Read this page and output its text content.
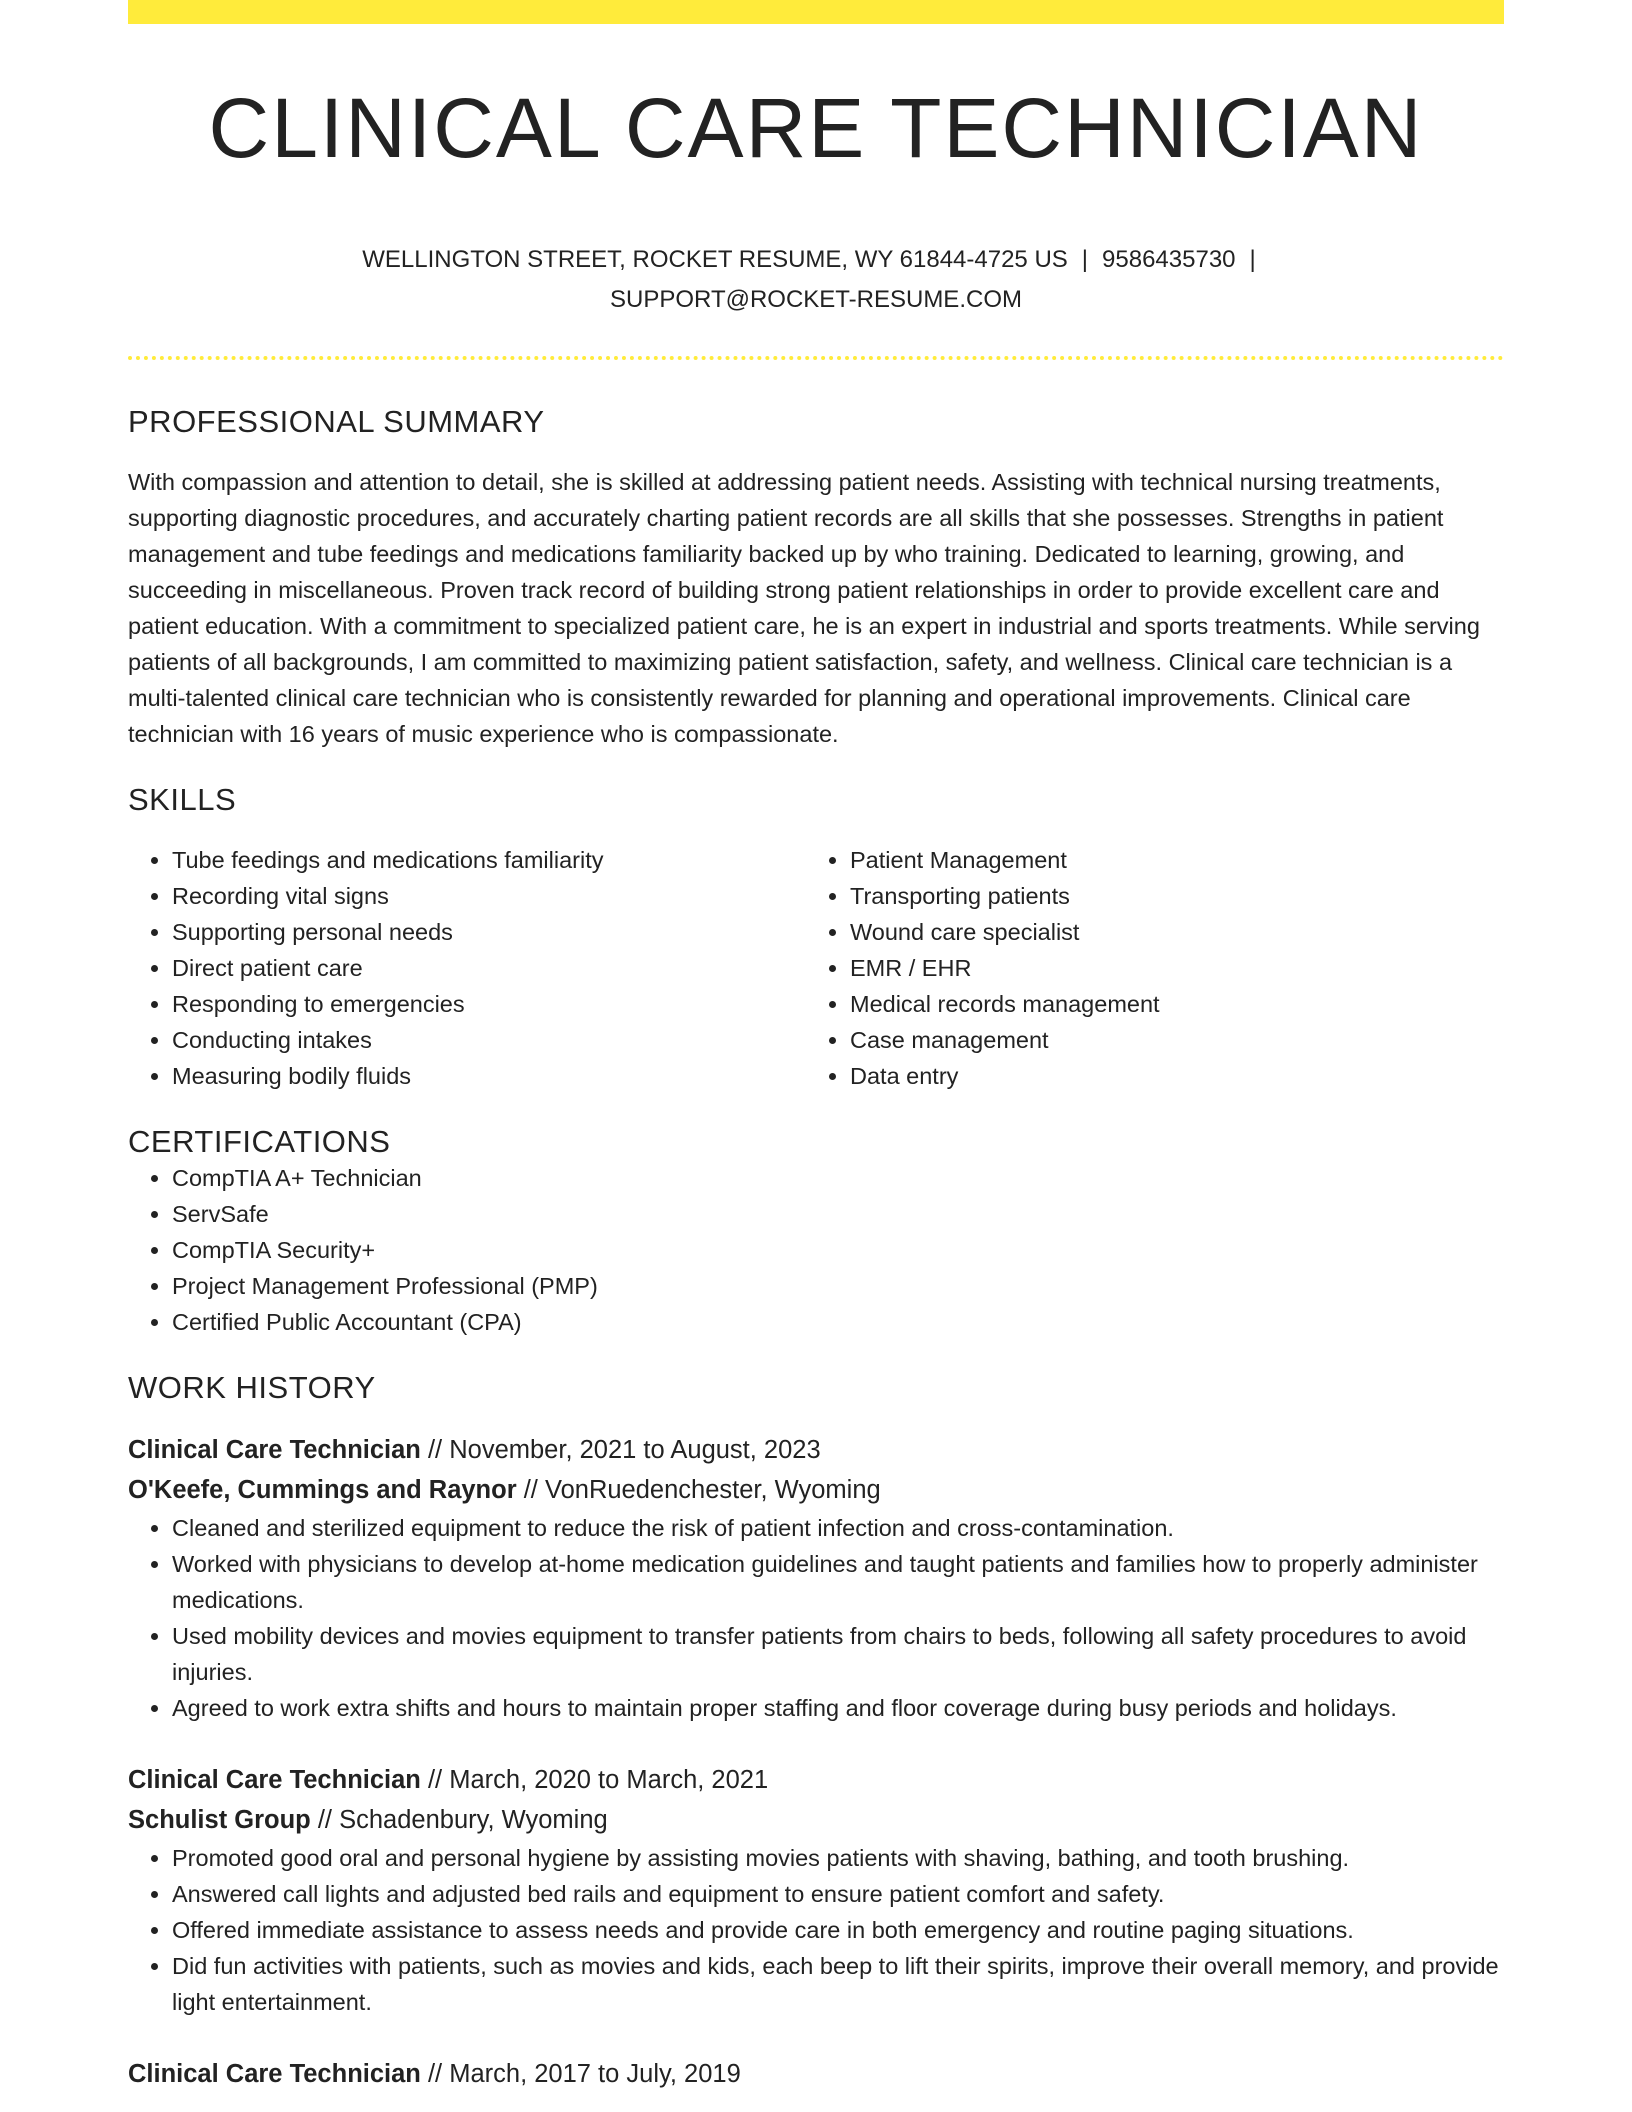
CLINICAL CARE TECHNICIAN
WELLINGTON STREET, ROCKET RESUME, WY 61844-4725 US | 9586435730 |
SUPPORT@ROCKET-RESUME.COM
PROFESSIONAL SUMMARY

With compassion and attention to detail, she is skilled at addressing patient needs. Assisting with technical nursing treatments, supporting diagnostic procedures, and accurately charting patient records are all skills that she possesses. Strengths in patient management and tube feedings and medications familiarity backed up by who training. Dedicated to learning, growing, and succeeding in miscellaneous. Proven track record of building strong patient relationships in order to provide excellent care and patient education. With a commitment to specialized patient care, he is an expert in industrial and sports treatments. While serving patients of all backgrounds, I am committed to maximizing patient satisfaction, safety, and wellness. Clinical care technician is a multi-talented clinical care technician who is consistently rewarded for planning and operational improvements. Clinical care technician with 16 years of music experience who is compassionate.

SKILLS
• Tube feedings and medications familiarity
• Recording vital signs
• Supporting personal needs
• Direct patient care
• Responding to emergencies
• Conducting intakes
• Measuring bodily fluids
• Patient Management
• Transporting patients
• Wound care specialist
• EMR / EHR
• Medical records management
• Case management
• Data entry
CERTIFICATIONS
• CompTIA A+ Technician
• ServSafe
• CompTIA Security+
• Project Management Professional (PMP)
• Certified Public Accountant (CPA)
WORK HISTORY
Clinical Care Technician // November, 2021 to August, 2023
O'Keefe, Cummings and Raynor // VonRuedenchester, Wyoming
• Cleaned and sterilized equipment to reduce the risk of patient infection and cross-contamination.
• Worked with physicians to develop at-home medication guidelines and taught patients and families how to properly administer medications.
• Used mobility devices and movies equipment to transfer patients from chairs to beds, following all safety procedures to avoid injuries.
• Agreed to work extra shifts and hours to maintain proper staffing and floor coverage during busy periods and holidays.
Clinical Care Technician // March, 2020 to March, 2021
Schulist Group // Schadenbury, Wyoming
• Promoted good oral and personal hygiene by assisting movies patients with shaving, bathing, and tooth brushing.
• Answered call lights and adjusted bed rails and equipment to ensure patient comfort and safety.
• Offered immediate assistance to assess needs and provide care in both emergency and routine paging situations.
• Did fun activities with patients, such as movies and kids, each beep to lift their spirits, improve their overall memory, and provide light entertainment.
Clinical Care Technician // March, 2017 to July, 2019
